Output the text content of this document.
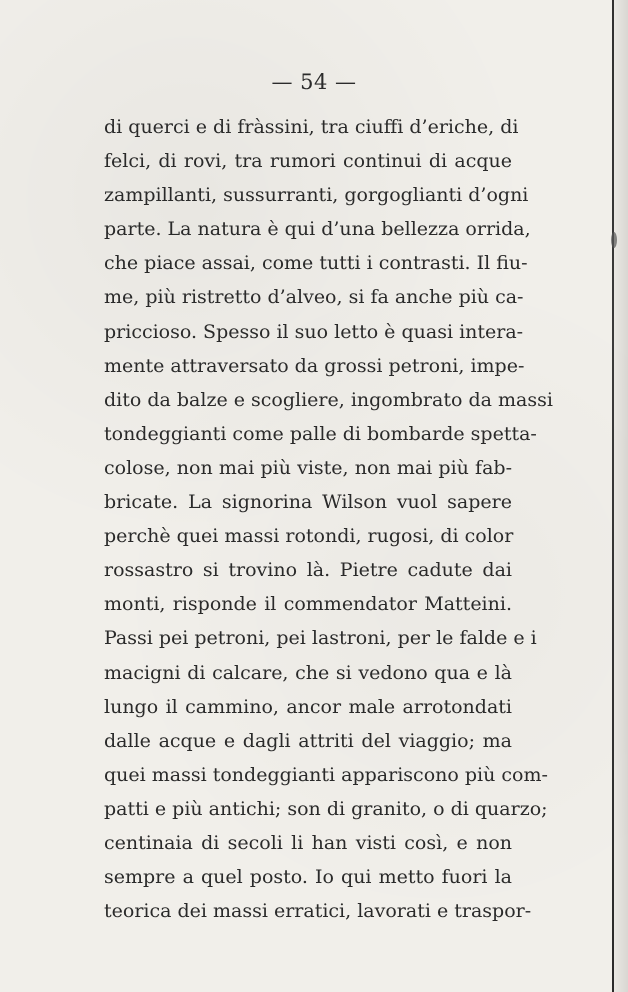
— 54 —
di querci e di fràssini, tra ciuffi d’eriche, di
felci, di rovi, tra rumori continui di acque
zampillanti, sussurranti, gorgoglianti d’ogni
parte. La natura è qui d’una bellezza orrida,
che piace assai, come tutti i contrasti. Il fiu-
me, più ristretto d’alveo, si fa anche più ca-
priccioso. Spesso il suo letto è quasi intera-
mente attraversato da grossi petroni, impe-
dito da balze e scogliere, ingombrato da massi
tondeggianti come palle di bombarde spetta-
colose, non mai più viste, non mai più fab-
bricate. La signorina Wilson vuol sapere
perchè quei massi rotondi, rugosi, di color
rossastro si trovino là. Pietre cadute dai
monti, risponde il commendator Matteini.
Passi pei petroni, pei lastroni, per le falde e i
macigni di calcare, che si vedono qua e là
lungo il cammino, ancor male arrotondati
dalle acque e dagli attriti del viaggio; ma
quei massi tondeggianti appariscono più com-
patti e più antichi; son di granito, o di quarzo;
centinaia di secoli li han visti così, e non
sempre a quel posto. Io qui metto fuori la
teorica dei massi erratici, lavorati e traspor-
